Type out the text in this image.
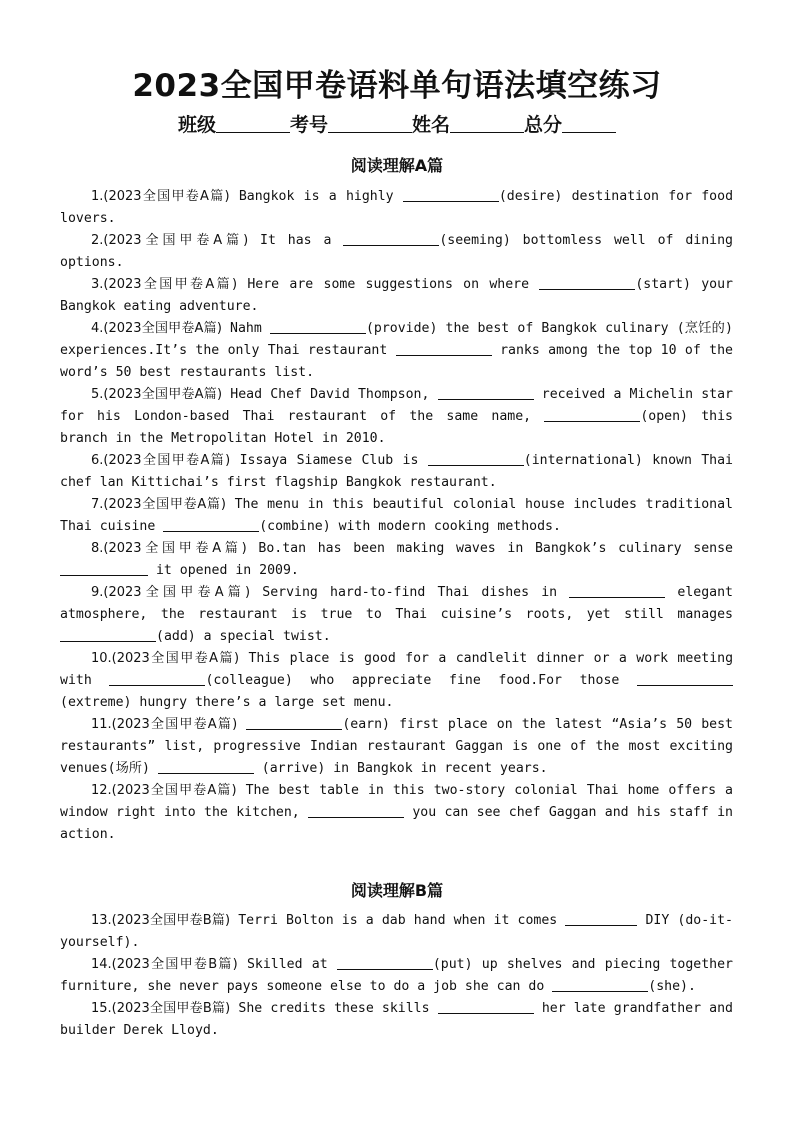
2023全国甲卷语料单句语法填空练习
班级	考号	姓名	总分
阅读理解A篇

1.(2023全国甲卷A篇) Bangkok is a highly	(desire) destination for food lovers.

2.(2023全国甲卷A篇) It has a	(seeming) bottomless well of dining options.

3.(2023全国甲卷A篇) Here are some suggestions on where	(start) your Bangkok eating adventure.

4.(2023全国甲卷A篇) Nahm	(provide) the best of Bangkok culinary (烹饪的) experiences.It’s the only Thai restaurant	ranks among the top 10 of the word’s 50 best restaurants list.

5.(2023全国甲卷A篇) Head Chef David Thompson,	received a Michelin star for his London-based Thai restaurant of the same name,	(open) this branch in the Metropolitan Hotel in 2010.

6.(2023全国甲卷A篇) Issaya Siamese Club is	(international) known Thai chef lan Kittichai’s first flagship Bangkok restaurant.

7.(2023全国甲卷A篇) The menu in this beautiful colonial house includes traditional Thai cuisine	(combine) with modern cooking methods.

8.(2023全国甲卷A篇) Bo.tan has been making waves in Bangkok’s culinary sense  it opened in 2009.

9.(2023全国甲卷A篇) Serving hard-to-find Thai dishes in	elegant atmosphere, the restaurant is true to Thai cuisine’s roots, yet still manages (add) a special twist.

10.(2023全国甲卷A篇) This place is good for a candlelit dinner or a work meeting with	(colleague) who appreciate fine food.For those (extreme) hungry there’s a large set menu.

11.(2023全国甲卷A篇)	(earn) first place on the latest “Asia’s 50 best restaurants” list, progressive Indian restaurant Gaggan is one of the most exciting venues(场所)	(arrive) in Bangkok in recent years.

12.(2023全国甲卷A篇) The best table in this two-story colonial Thai home offers a window right into the kitchen,	you can see chef Gaggan and his staff in action.

阅读理解B篇

13.(2023全国甲卷B篇) Terri Bolton is a dab hand when it comes	DIY (do-it-yourself).

14.(2023全国甲卷B篇) Skilled at	(put) up shelves and piecing together furniture, she never pays someone else to do a job she can do	(she).

15.(2023全国甲卷B篇) She credits these skills	her late grandfather and builder Derek Lloyd.
